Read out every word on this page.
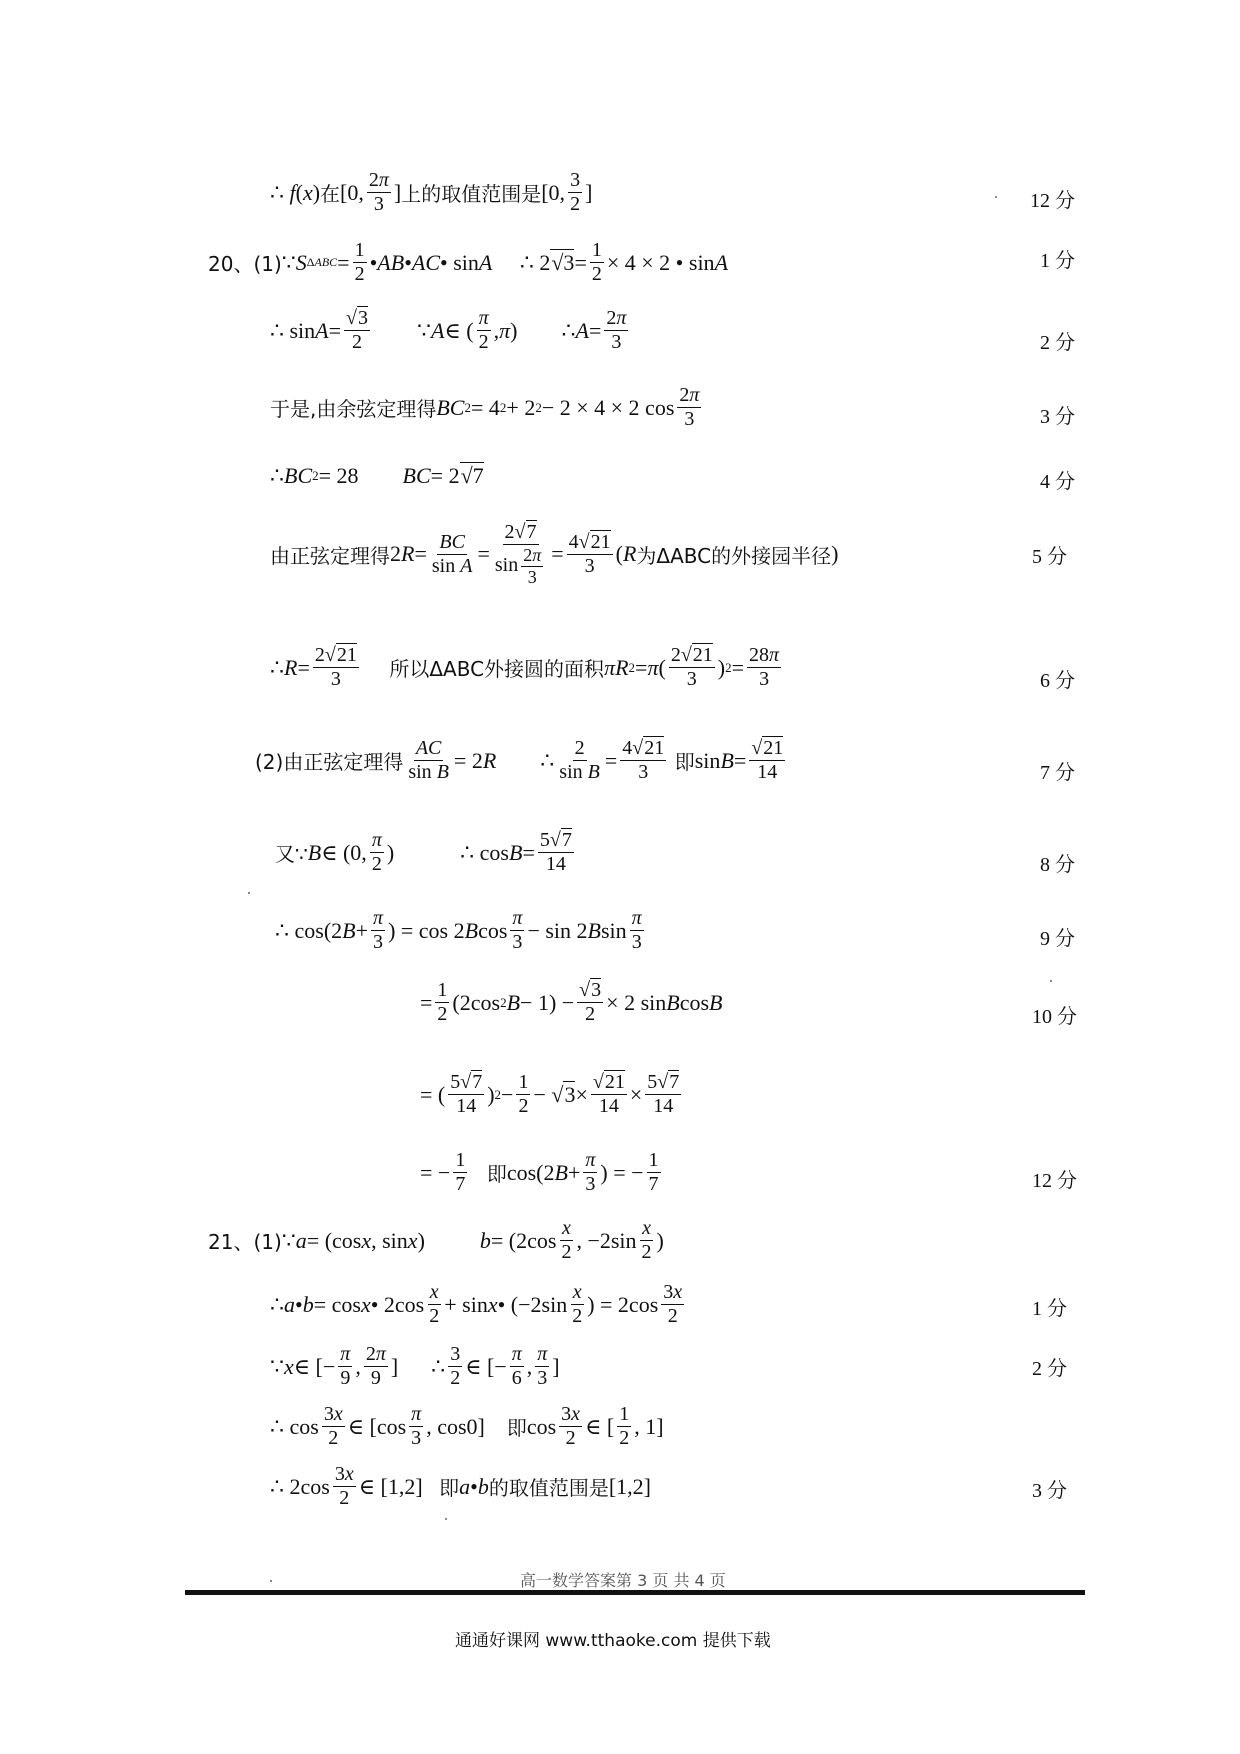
∴ f ( x ) 在 [0, $\frac{2\pi}{3}$ ] 上的取值范围是 [0, $\frac{3}{2}$ ]	12 分
20、(1) ∵ S $\Delta ABC = \frac{1}{2}$ • AB • AC • sin A ∴ 2 $√3 = \frac{1}{2} \times 4 \times 2$ • sin A	1 分
∴ $\sin A = \frac{√3}{2}$ ∵ A ∈ ( $\frac{\pi}{2}$ , π )        ∴ $A = \frac{2\pi}{3}$	2 分
于是,由余弦定理得 BC 2 = 4 2 + 2 2 − 2 × 4 × 2 $\cos \frac{2\pi}{3}$	3 分
∴ BC 2 = 28 BC = 2 √7	4 分
由正弦定理得 2 $R = \frac{BC}{\text{sin A}} = \frac{2√7}{\sin \frac{2\pi}{3}} = \frac{4√21}{3}$ ( R 为ΔABC的外接园半径 )	5 分
∴ $R = \frac{2√21}{3}$
所以ΔABC外接圆的面积 πR 2 = π ( $\frac{2√21}{3}$ ) $2 = \frac{28\pi}{3}$	6 分
(2)由正弦定理得 $\frac{AC}{\text{sin B}} = 2$ R ∴ $\frac{2}{\text{sin B}} = \frac{4√21}{3}$
即 $\sin B = \frac{√21}{14}$	7 分
又∵ B ∈ (0, $\frac{\pi}{2}$ )            ∴ $\cos B = \frac{5√7}{14}$	8 分
∴ cos(2 $B + \frac{\pi}{3}$ ) = cos 2 B $\cos \frac{\pi}{3} - \sin 2$ B $\sin \frac{\pi}{3}$	9 分
= $\frac{1}{2} (2\cos$ 2 $B - 1) - \frac{√3}{2} \times 2$ sin B cos B
10 分
= ( $\frac{5√7}{14}$ ) $2 - \frac{1}{2}$ − √ $3 \times \frac{√21}{14} \times \frac{5√7}{14}$
= − $\frac{1}{7}$
即 cos(2 $B + \frac{\pi}{3}$ ) = − $\frac{1}{7}$	12 分
21、(1) ∵ a = (cos x , sin x ) $b = (2\cos \frac{x}{2}$ , $-2\sin \frac{x}{2}$ )
∴ a • b = cos x • $2\cos \frac{x}{2} + \sin x$ • ($-2\sin \frac{x}{2}$ ) = $2\cos \frac{3x}{2}$	1 分
∵ x ∈ [− $\frac{\pi}{9}$ , $\frac{2\pi}{9}$ ]      ∴ $\frac{3}{2}$ ∈ [− $\frac{\pi}{6}$ , $\frac{\pi}{3}$ ]	2 分
∴ $\cos \frac{3x}{2}$ ∈ [$\cos \frac{\pi}{3}$ , cos0] 即 $\cos \frac{3x}{2}$ ∈ [ $\frac{1}{2}$ , 1]
∴ $2\cos \frac{3x}{2}$ ∈ [1,2] 即 a • b 的取值范围是 [1,2]	3 分
高一数学答案第 3 页 共 4 页
通通好课网 www.tthaoke.com 提供下载
